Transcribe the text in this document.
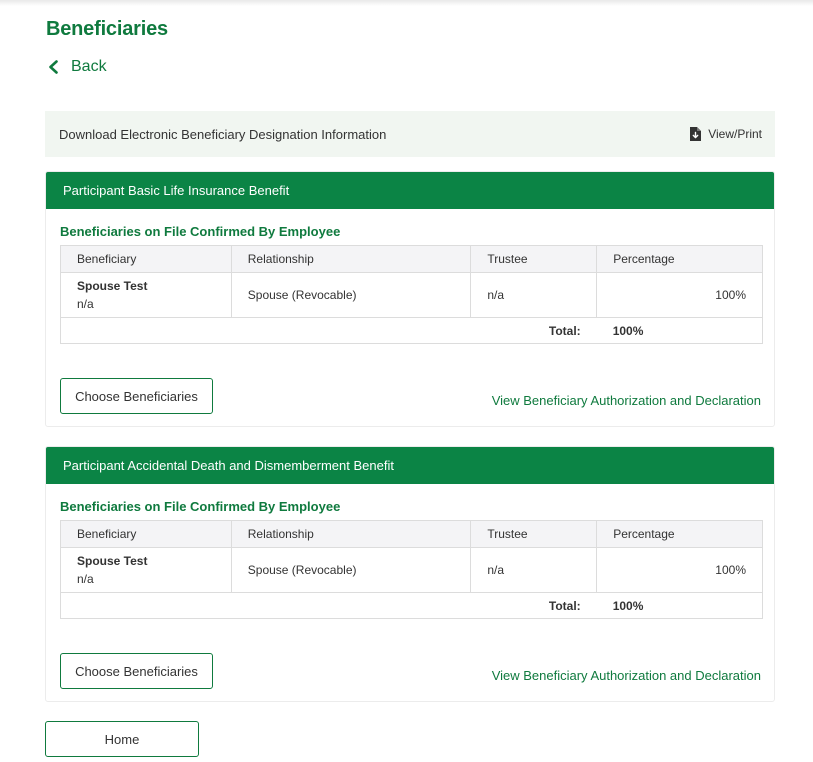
Beneficiaries
Back
Download Electronic Beneficiary Designation Information	View/Print
Participant Basic Life Insurance Benefit
Beneficiaries on File Confirmed By Employee
Beneficiary	Relationship	Trustee	Percentage

Spouse Test
n/a	Spouse (Revocable)	n/a	100%
		Total:	100%
Choose Beneficiaries	View Beneficiary Authorization and Declaration
Participant Accidental Death and Dismemberment Benefit
Beneficiaries on File Confirmed By Employee
Beneficiary	Relationship	Trustee	Percentage

Spouse Test
n/a	Spouse (Revocable)	n/a	100%
		Total:	100%
Choose Beneficiaries	View Beneficiary Authorization and Declaration
Home
